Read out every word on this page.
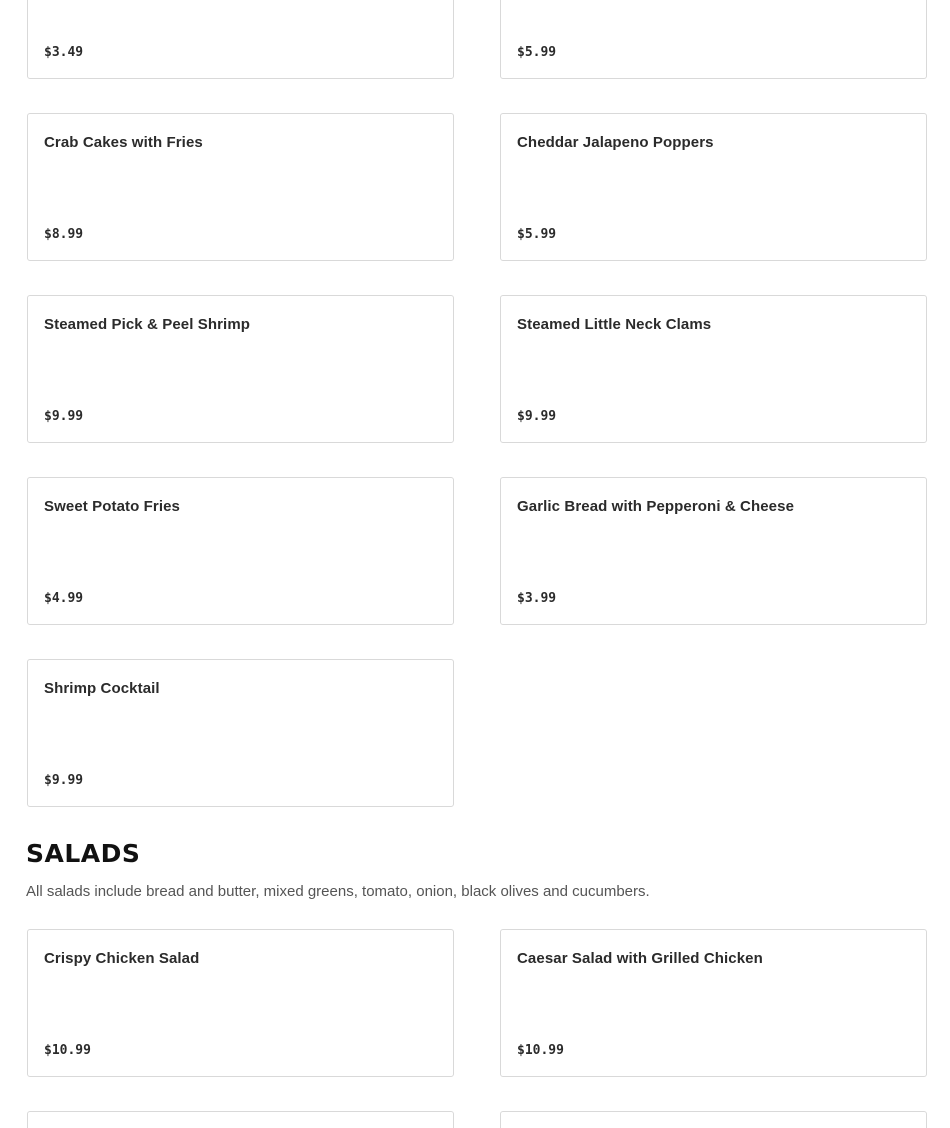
$3.49	$5.99
Crab Cakes with Fries
$8.99
Cheddar Jalapeno Poppers
$5.99
Steamed Pick & Peel Shrimp
$9.99
Steamed Little Neck Clams
$9.99
Sweet Potato Fries
$4.99
Garlic Bread with Pepperoni & Cheese
$3.99
Shrimp Cocktail
$9.99
SALADS

All salads include bread and butter, mixed greens, tomato, onion, black olives and cucumbers.

Crispy Chicken Salad
$10.99
Caesar Salad with Grilled Chicken
$10.99
